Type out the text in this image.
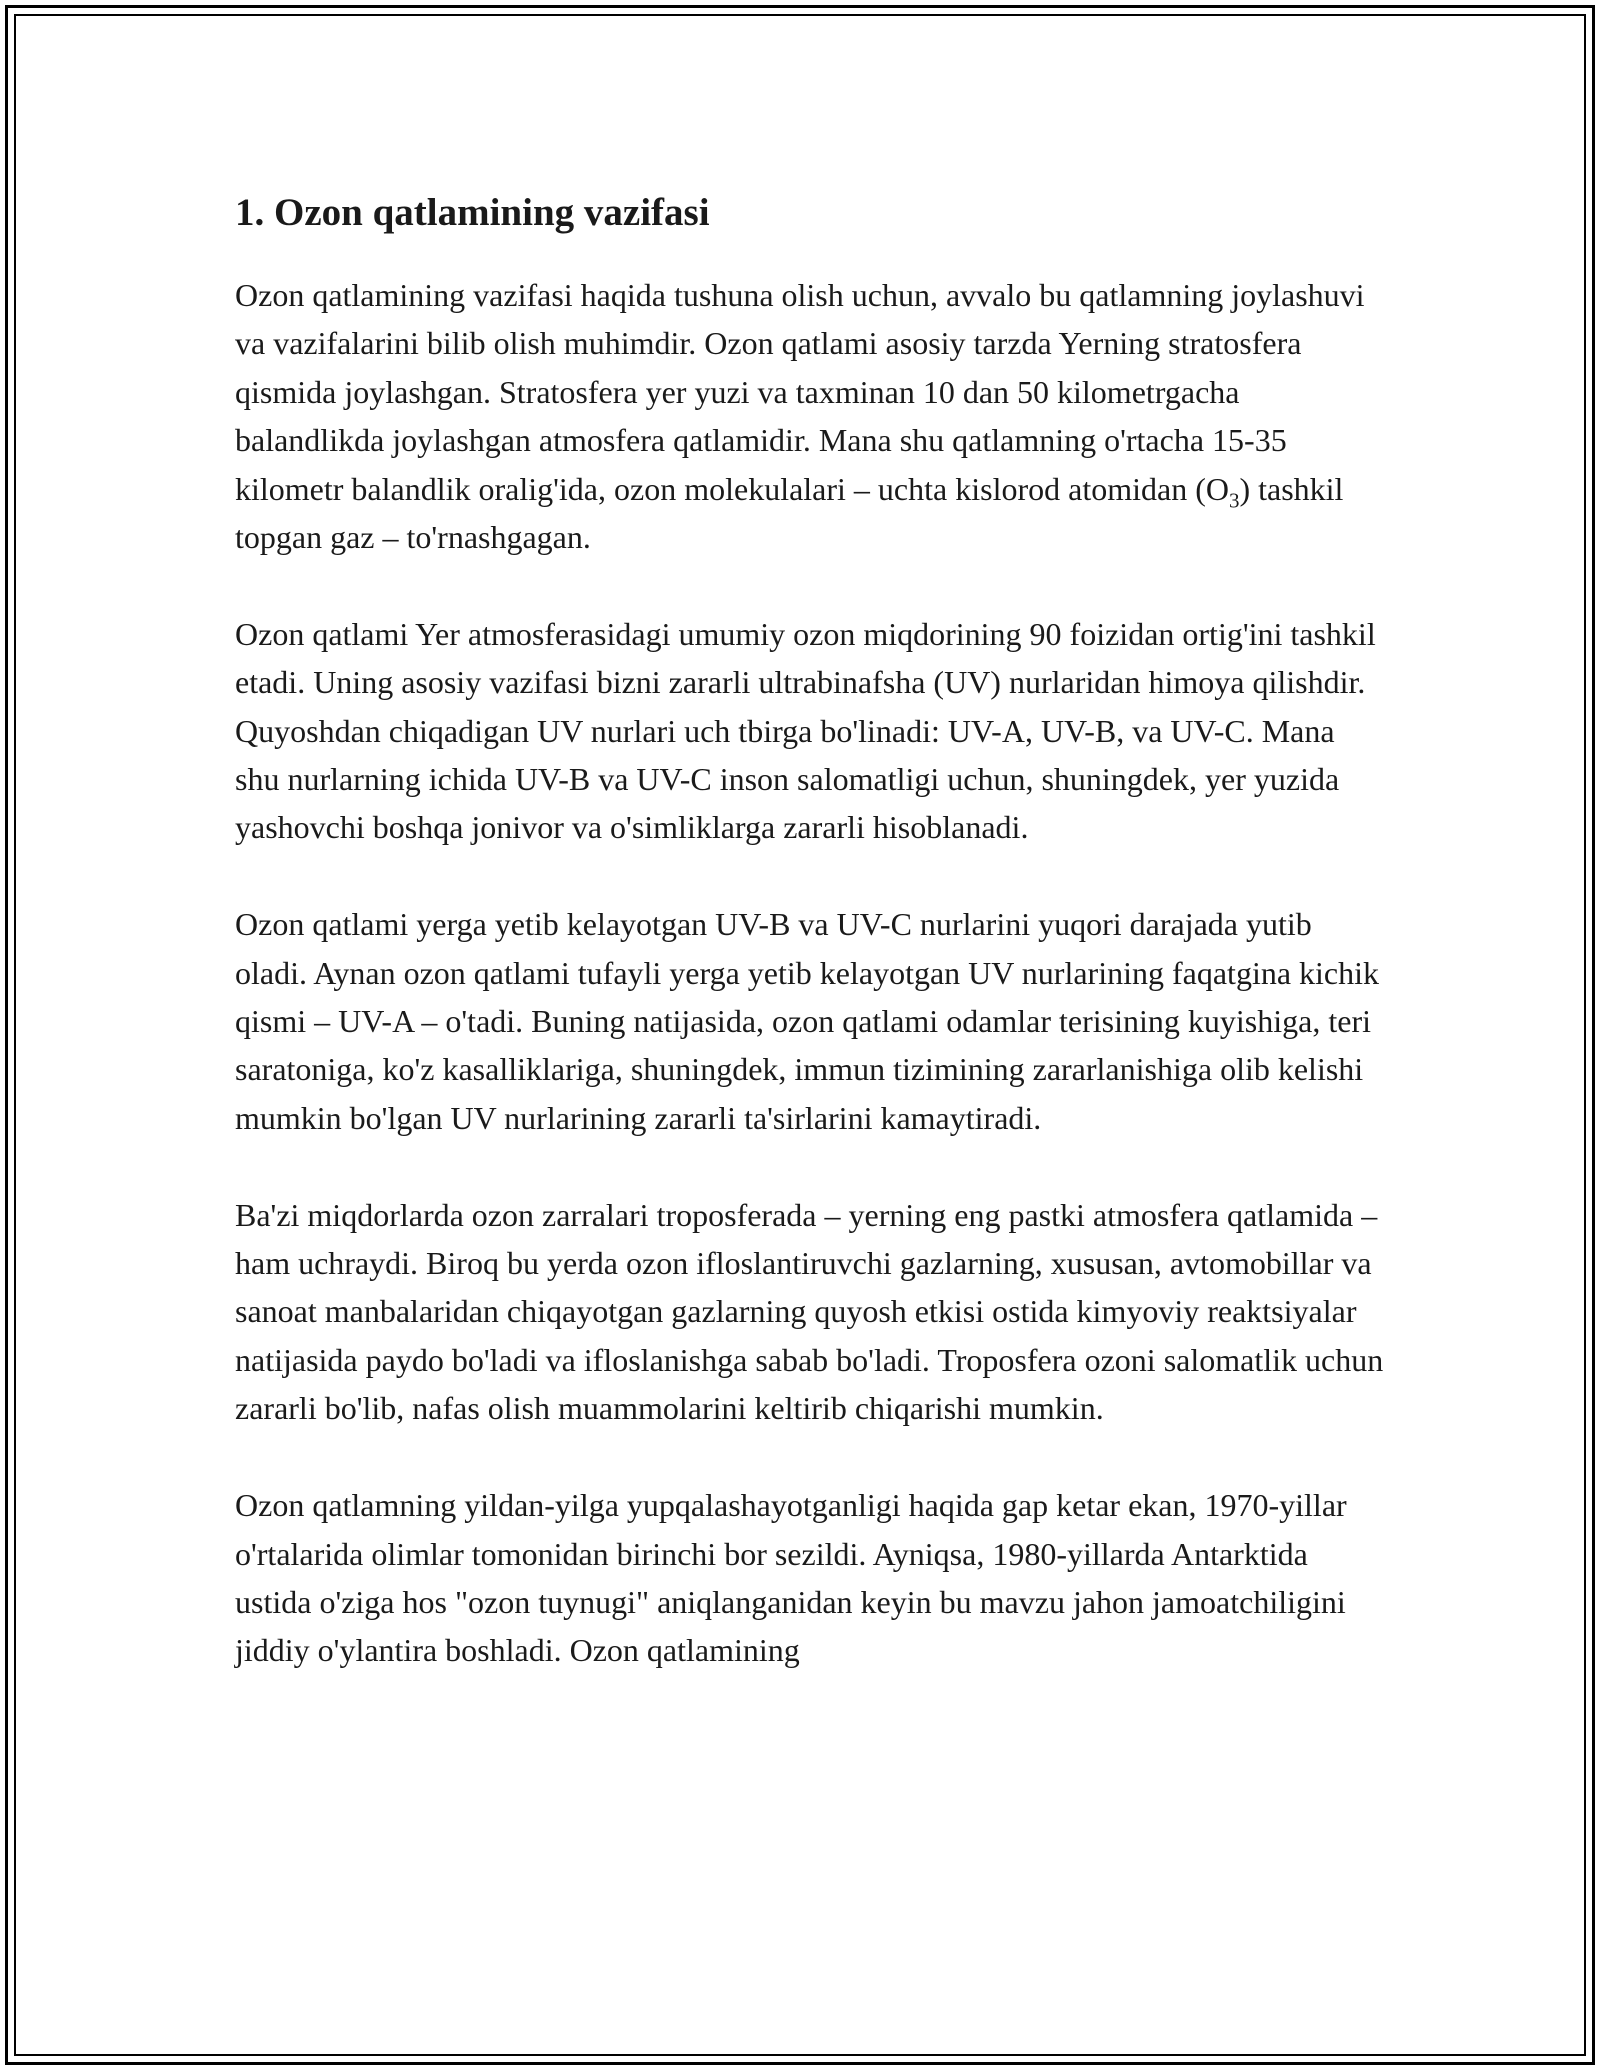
1. Ozon qatlamining vazifasi

Ozon qatlamining vazifasi haqida tushuna olish uchun, avvalo bu qatlamning joylashuvi va vazifalarini bilib olish muhimdir. Ozon qatlami asosiy tarzda Yerning stratosfera qismida joylashgan. Stratosfera yer yuzi va taxminan 10 dan 50 kilometrgacha balandlikda joylashgan atmosfera qatlamidir. Mana shu qatlamning o'rtacha 15-35 kilometr balandlik oralig'ida, ozon molekulalari – uchta kislorod atomidan $(O_3)$ tashkil topgan gaz – to'rnashgagan.

Ozon qatlami Yer atmosferasidagi umumiy ozon miqdorining 90 foizidan ortig'ini tashkil etadi. Uning asosiy vazifasi bizni zararli ultrabinafsha (UV) nurlaridan himoya qilishdir. Quyoshdan chiqadigan UV nurlari uch tbirga bo'linadi: UV-A, UV-B, va UV-C. Mana shu nurlarning ichida UV-B va UV-C inson salomatligi uchun, shuningdek, yer yuzida yashovchi boshqa jonivor va o'simliklarga zararli hisoblanadi.

Ozon qatlami yerga yetib kelayotgan UV-B va UV-C nurlarini yuqori darajada yutib oladi. Aynan ozon qatlami tufayli yerga yetib kelayotgan UV nurlarining faqatgina kichik qismi – UV-A – o'tadi. Buning natijasida, ozon qatlami odamlar terisining kuyishiga, teri saratoniga, ko'z kasalliklariga, shuningdek, immun tizimining zararlanishiga olib kelishi mumkin bo'lgan UV nurlarining zararli ta'sirlarini kamaytiradi.

Ba'zi miqdorlarda ozon zarralari troposferada – yerning eng pastki atmosfera qatlamida – ham uchraydi. Biroq bu yerda ozon ifloslantiruvchi gazlarning, xususan, avtomobillar va sanoat manbalaridan chiqayotgan gazlarning quyosh etkisi ostida kimyoviy reaktsiyalar natijasida paydo bo'ladi va ifloslanishga sabab bo'ladi. Troposfera ozoni salomatlik uchun zararli bo'lib, nafas olish muammolarini keltirib chiqarishi mumkin.

Ozon qatlamning yildan-yilga yupqalashayotganligi haqida gap ketar ekan, 1970-yillar o'rtalarida olimlar tomonidan birinchi bor sezildi. Ayniqsa, 1980-yillarda Antarktida ustida o'ziga hos "ozon tuynugi" aniqlanganidan keyin bu mavzu jahon jamoatchiligini jiddiy o'ylantira boshladi. Ozon qatlamining
